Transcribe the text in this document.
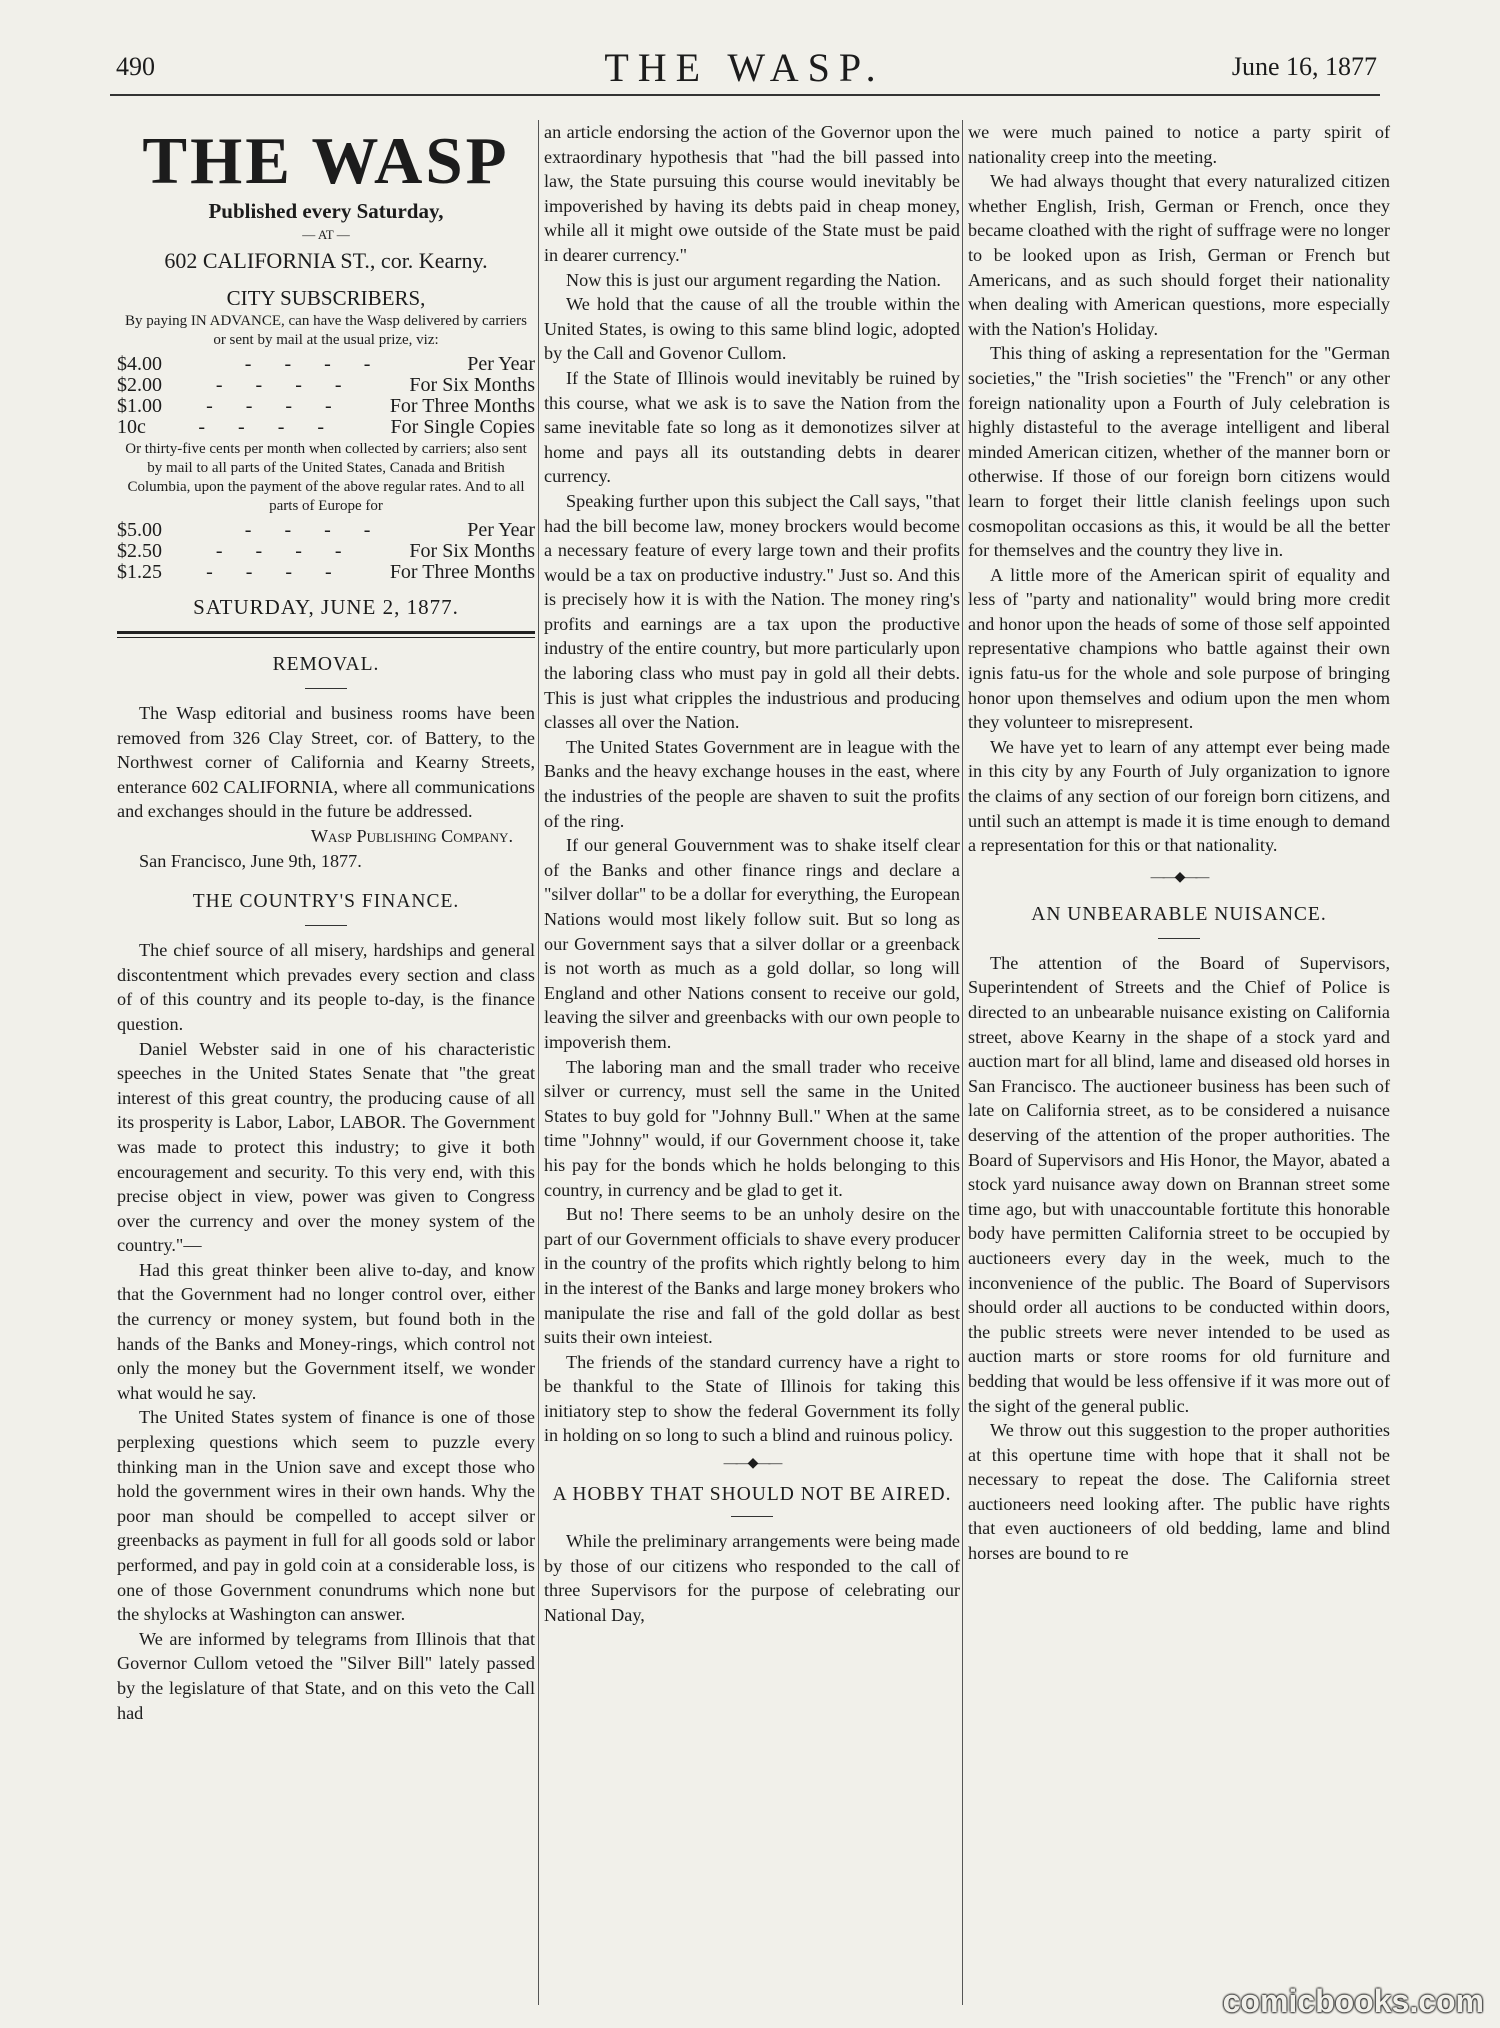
490	THE WASP.	June 16, 1877
THE WASP
Published every Saturday,
— AT —
602 CALIFORNIA ST., cor. Kearny.
CITY SUBSCRIBERS,
By paying IN ADVANCE, can have the Wasp delivered by carriers or sent by mail at the usual prize, viz:
$4.00	- - - -	Per Year
$2.00	- - - -	For Six Months
$1.00	- - - -	For Three Months
10c	- - - -	For Single Copies
Or thirty-five cents per month when collected by carriers; also sent by mail to all parts of the United States, Canada and British Columbia, upon the payment of the above regular rates. And to all parts of Europe for
$5.00	- - - -	Per Year
$2.50	- - - -	For Six Months
$1.25	- - - -	For Three Months
SATURDAY, JUNE 2, 1877.
REMOVAL.

The Wasp editorial and business rooms have been removed from 326 Clay Street, cor. of Battery, to the Northwest corner of California and Kearny Streets, enterance 602 CALIFORNIA, where all communications and exchanges should in the future be addressed.

Wasp Publishing Company.

San Francisco, June 9th, 1877.

THE COUNTRY'S FINANCE.

The chief source of all misery, hardships and general discontentment which prevades every section and class of of this country and its people to-day, is the finance question.

Daniel Webster said in one of his characteristic speeches in the United States Senate that "the great interest of this great country, the producing cause of all its prosperity is Labor, Labor, LABOR. The Government was made to protect this industry; to give it both encouragement and security. To this very end, with this precise object in view, power was given to Congress over the currency and over the money system of the country."—

Had this great thinker been alive to-day, and know that the Government had no longer control over, either the currency or money system, but found both in the hands of the Banks and Money-rings, which control not only the money but the Government itself, we wonder what would he say.

The United States system of finance is one of those perplexing questions which seem to puzzle every thinking man in the Union save and except those who hold the government wires in their own hands. Why the poor man should be compelled to accept silver or greenbacks as payment in full for all goods sold or labor performed, and pay in gold coin at a considerable loss, is one of those Government conundrums which none but the shylocks at Washington can answer.

We are informed by telegrams from Illinois that that Governor Cullom vetoed the "Silver Bill" lately passed by the legislature of that State, and on this veto the Call had

an article endorsing the action of the Governor upon the extraordinary hypothesis that "had the bill passed into law, the State pursuing this course would inevitably be impoverished by having its debts paid in cheap money, while all it might owe outside of the State must be paid in dearer currency."

Now this is just our argument regarding the Nation.

We hold that the cause of all the trouble within the United States, is owing to this same blind logic, adopted by the Call and Govenor Cullom.

If the State of Illinois would inevitably be ruined by this course, what we ask is to save the Nation from the same inevitable fate so long as it demonotizes silver at home and pays all its outstanding debts in dearer currency.

Speaking further upon this subject the Call says, "that had the bill become law, money brockers would become a necessary feature of every large town and their profits would be a tax on productive industry." Just so. And this is precisely how it is with the Nation. The money ring's profits and earnings are a tax upon the productive industry of the entire country, but more particularly upon the laboring class who must pay in gold all their debts. This is just what cripples the industrious and producing classes all over the Nation.

The United States Government are in league with the Banks and the heavy exchange houses in the east, where the industries of the people are shaven to suit the profits of the ring.

If our general Gouvernment was to shake itself clear of the Banks and other finance rings and declare a "silver dollar" to be a dollar for everything, the European Nations would most likely follow suit. But so long as our Government says that a silver dollar or a greenback is not worth as much as a gold dollar, so long will England and other Nations consent to receive our gold, leaving the silver and greenbacks with our own people to impoverish them.

The laboring man and the small trader who receive silver or currency, must sell the same in the United States to buy gold for "Johnny Bull." When at the same time "Johnny" would, if our Government choose it, take his pay for the bonds which he holds belonging to this country, in currency and be glad to get it.

But no! There seems to be an unholy desire on the part of our Government officials to shave every producer in the country of the profits which rightly belong to him in the interest of the Banks and large money brokers who manipulate the rise and fall of the gold dollar as best suits their own inteiest.

The friends of the standard currency have a right to be thankful to the State of Illinois for taking this initiatory step to show the federal Government its folly in holding on so long to such a blind and ruinous policy.

——◆——
A HOBBY THAT SHOULD NOT BE AIRED.

While the preliminary arrangements were being made by those of our citizens who responded to the call of three Supervisors for the purpose of celebrating our National Day,

we were much pained to notice a party spirit of nationality creep into the meeting.

We had always thought that every naturalized citizen whether English, Irish, German or French, once they became cloathed with the right of suffrage were no longer to be looked upon as Irish, German or French but Americans, and as such should forget their nationality when dealing with American questions, more especially with the Nation's Holiday.

This thing of asking a representation for the "German societies," the "Irish societies" the "French" or any other foreign nationality upon a Fourth of July celebration is highly distasteful to the average intelligent and liberal minded American citizen, whether of the manner born or otherwise. If those of our foreign born citizens would learn to forget their little clanish feelings upon such cosmopolitan occasions as this, it would be all the better for themselves and the country they live in.

A little more of the American spirit of equality and less of "party and nationality" would bring more credit and honor upon the heads of some of those self appointed representative champions who battle against their own ignis fatu-us for the whole and sole purpose of bringing honor upon themselves and odium upon the men whom they volunteer to misrepresent.

We have yet to learn of any attempt ever being made in this city by any Fourth of July organization to ignore the claims of any section of our foreign born citizens, and until such an attempt is made it is time enough to demand a representation for this or that nationality.

——◆——
AN UNBEARABLE NUISANCE.

The attention of the Board of Supervisors, Superintendent of Streets and the Chief of Police is directed to an unbearable nuisance existing on California street, above Kearny in the shape of a stock yard and auction mart for all blind, lame and diseased old horses in San Francisco. The auctioneer business has been such of late on California street, as to be considered a nuisance deserving of the attention of the proper authorities. The Board of Supervisors and His Honor, the Mayor, abated a stock yard nuisance away down on Brannan street some time ago, but with unaccountable fortitute this honorable body have permitten California street to be occupied by auctioneers every day in the week, much to the inconvenience of the public. The Board of Supervisors should order all auctions to be conducted within doors, the public streets were never intended to be used as auction marts or store rooms for old furniture and bedding that would be less offensive if it was more out of the sight of the general public.

We throw out this suggestion to the proper authorities at this opertune time with hope that it shall not be necessary to repeat the dose. The California street auctioneers need looking after. The public have rights that even auctioneers of old bedding, lame and blind horses are bound to re

comicbooks.com
